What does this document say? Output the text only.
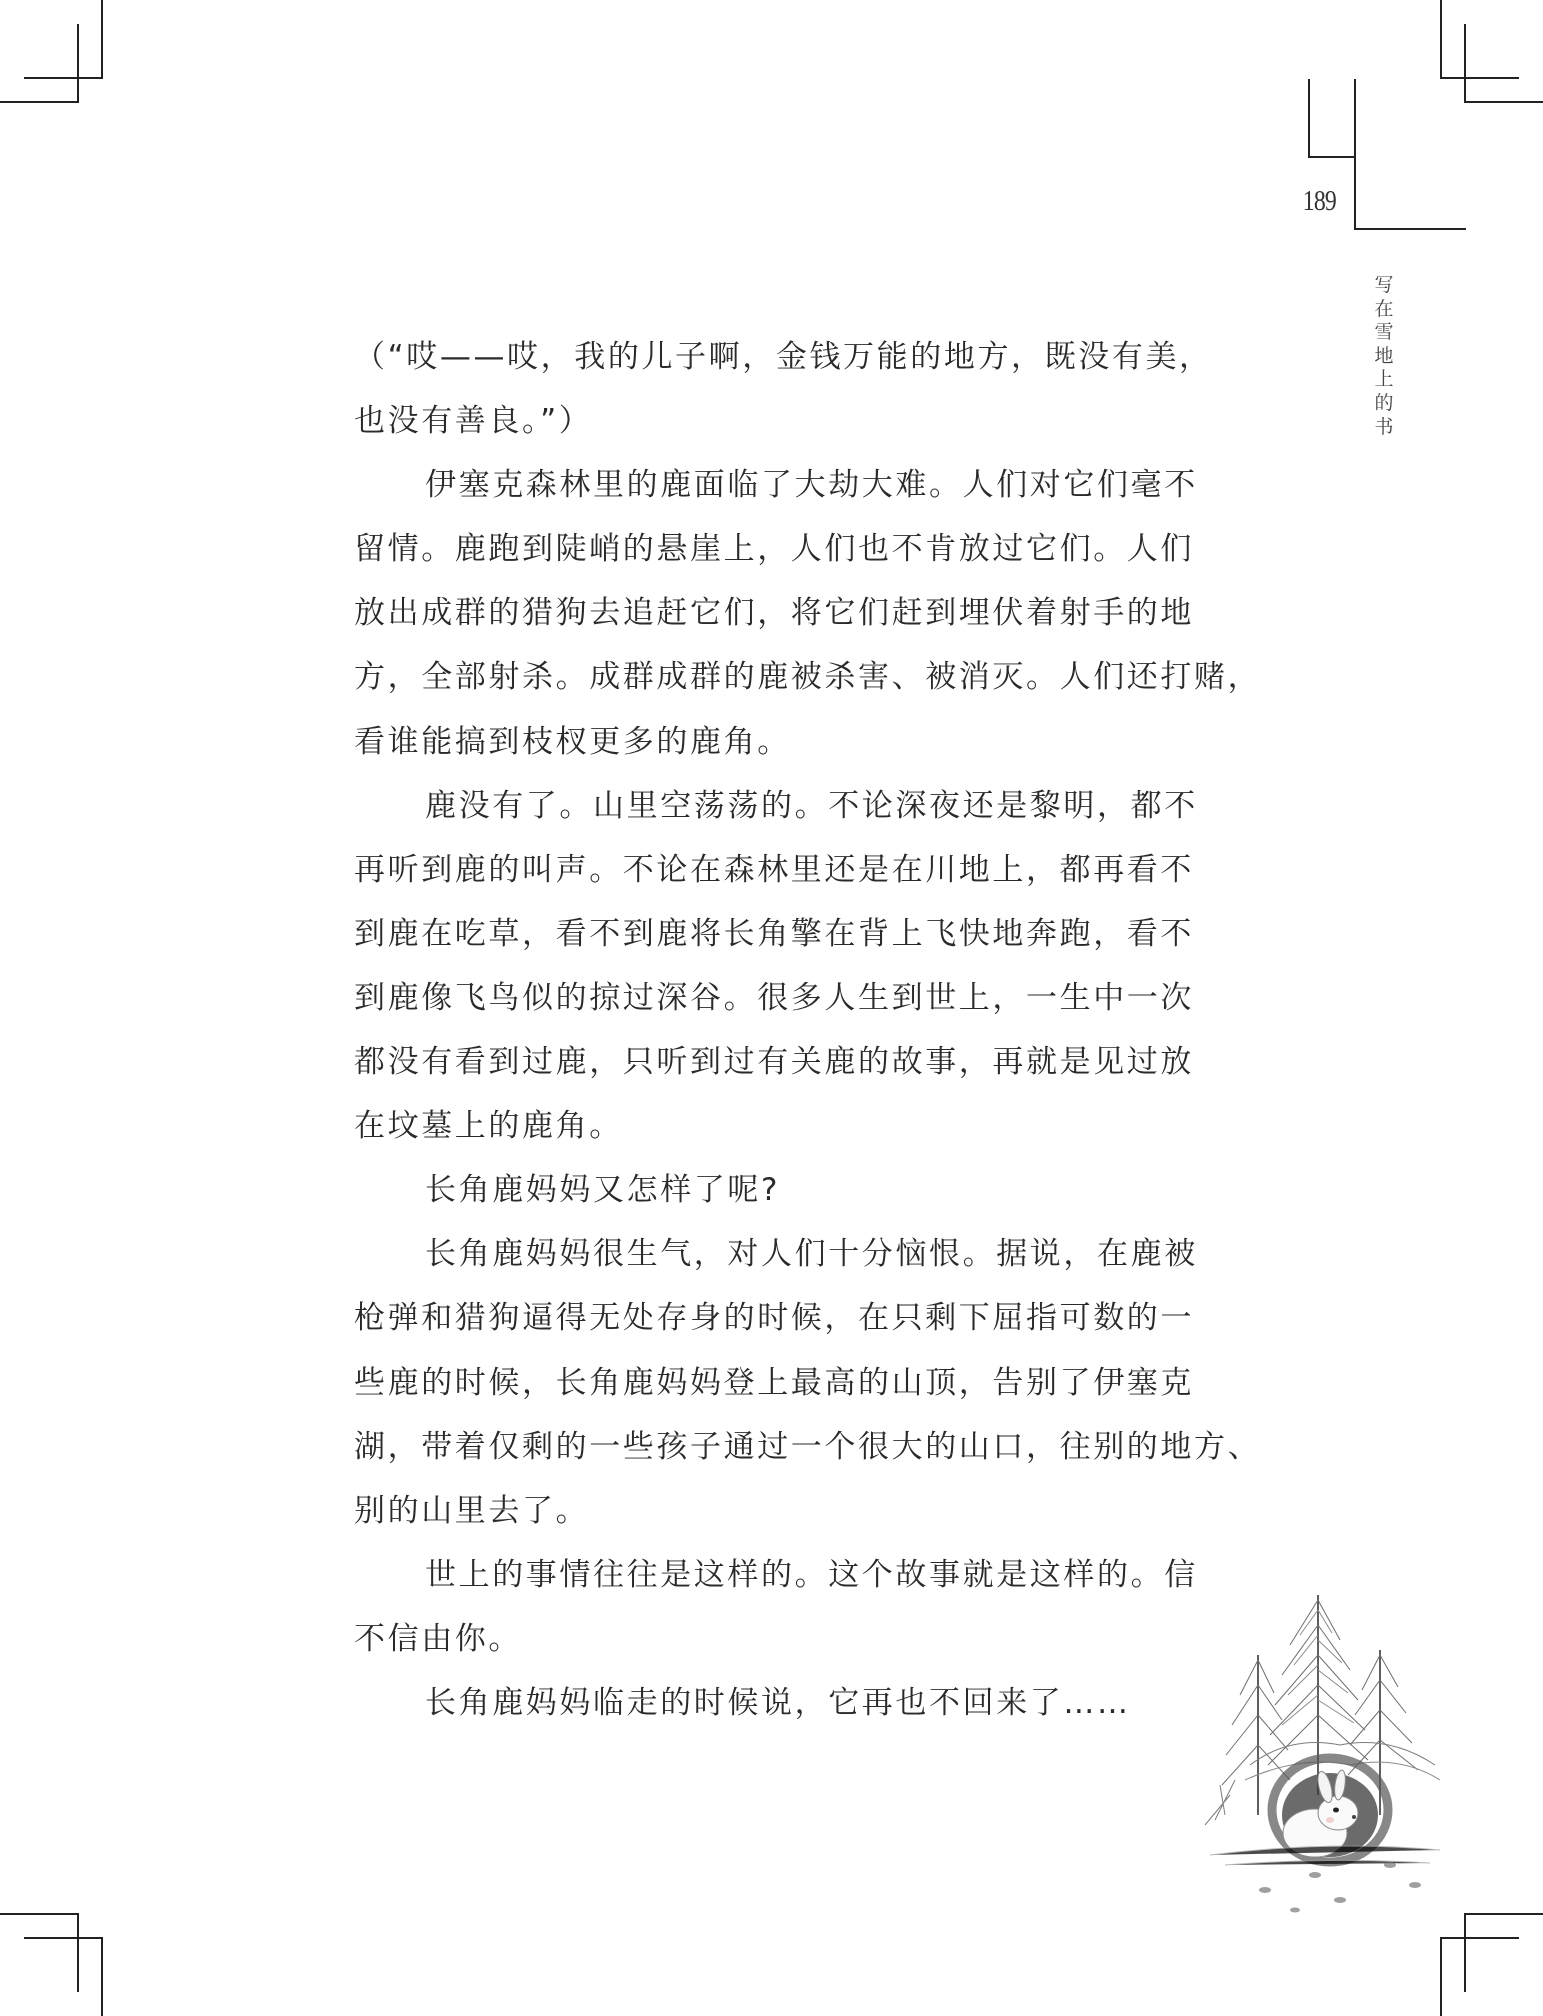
189
写在雪地上的书
（“哎——哎，我的儿子啊，金钱万能的地方，既没有美，
也没有善良。”）
伊塞克森林里的鹿面临了大劫大难。人们对它们毫不
留情。鹿跑到陡峭的悬崖上，人们也不肯放过它们。人们
放出成群的猎狗去追赶它们，将它们赶到埋伏着射手的地
方，全部射杀。成群成群的鹿被杀害、被消灭。人们还打赌，
看谁能搞到枝杈更多的鹿角。
鹿没有了。山里空荡荡的。不论深夜还是黎明，都不
再听到鹿的叫声。不论在森林里还是在川地上，都再看不
到鹿在吃草，看不到鹿将长角擎在背上飞快地奔跑，看不
到鹿像飞鸟似的掠过深谷。很多人生到世上，一生中一次
都没有看到过鹿，只听到过有关鹿的故事，再就是见过放
在坟墓上的鹿角。
长角鹿妈妈又怎样了呢?
长角鹿妈妈很生气，对人们十分恼恨。据说，在鹿被
枪弹和猎狗逼得无处存身的时候，在只剩下屈指可数的一
些鹿的时候，长角鹿妈妈登上最高的山顶，告别了伊塞克
湖，带着仅剩的一些孩子通过一个很大的山口，往别的地方、
别的山里去了。
世上的事情往往是这样的。这个故事就是这样的。信
不信由你。
长角鹿妈妈临走的时候说，它再也不回来了……
